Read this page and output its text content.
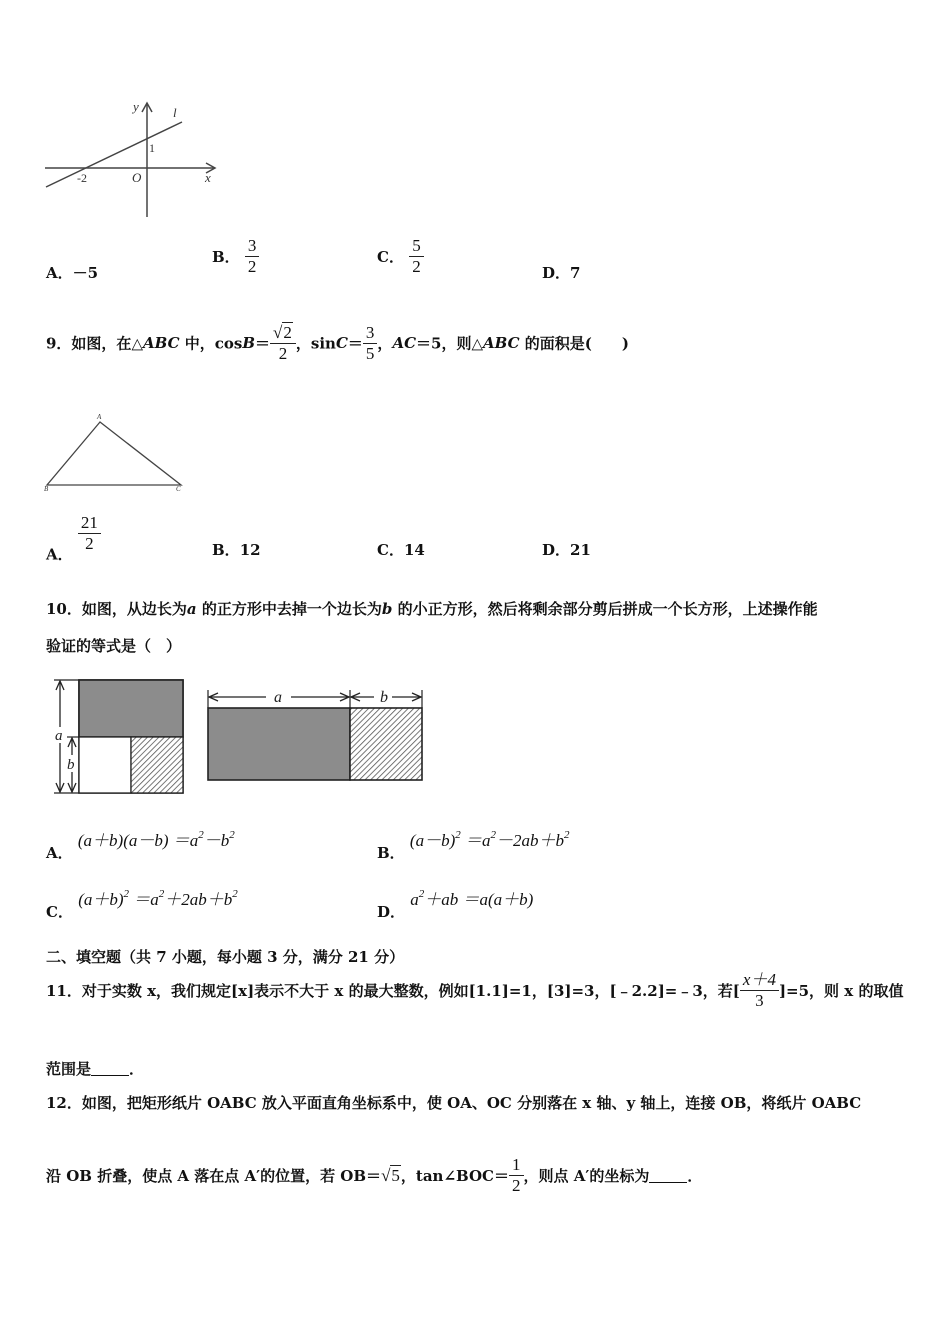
y	l
1
-2	O	x
A．－5
B． $\frac{3}{2}$	C． $\frac{5}{2}$	D．7
9．如图，在△ABC 中，$\cos B= \frac{√2}{2}$ ，$\sin C= \frac{3}{5}$ ，AC＝5，则△ABC 的面积是(　　)
A
B	C
A．
$\frac{21}{2}$	B．12	C．14	D．21
10．如图，从边长为a 的正方形中去掉一个边长为b 的小正方形，然后将剩余部分剪后拼成一个长方形，上述操作能
验证的等式是（　）
a
b
a	b
A． $(a+b)(a-b) =a^2-b^2$
B． $(a-b)^2 =a^2-2ab+b^2$
C． $(a+b)^2 =a^2+2ab+b^2$
D． $a^2+ab =a(a+b)$
二、填空题（共 7 小题，每小题 3 分，满分 21 分）
11．对于实数 x，我们规定[x]表示不大于 x 的最大整数，例如[1.1]=1，[3]=3，[﹣2.2]=﹣3，若[ $\frac{x+4}{3} ]=5$，则 x 的取值
范围是	．
12．如图，把矩形纸片 OABC 放入平面直角坐标系中，使 OA、OC 分别落在 x 轴、y 轴上，连接 OB，将纸片 OABC
沿 OB 折叠，使点 A 落在点 A′的位置，若 OB＝√5，tan∠BOC＝ $\frac{1}{2}$ ，则点 A′的坐标为	．
